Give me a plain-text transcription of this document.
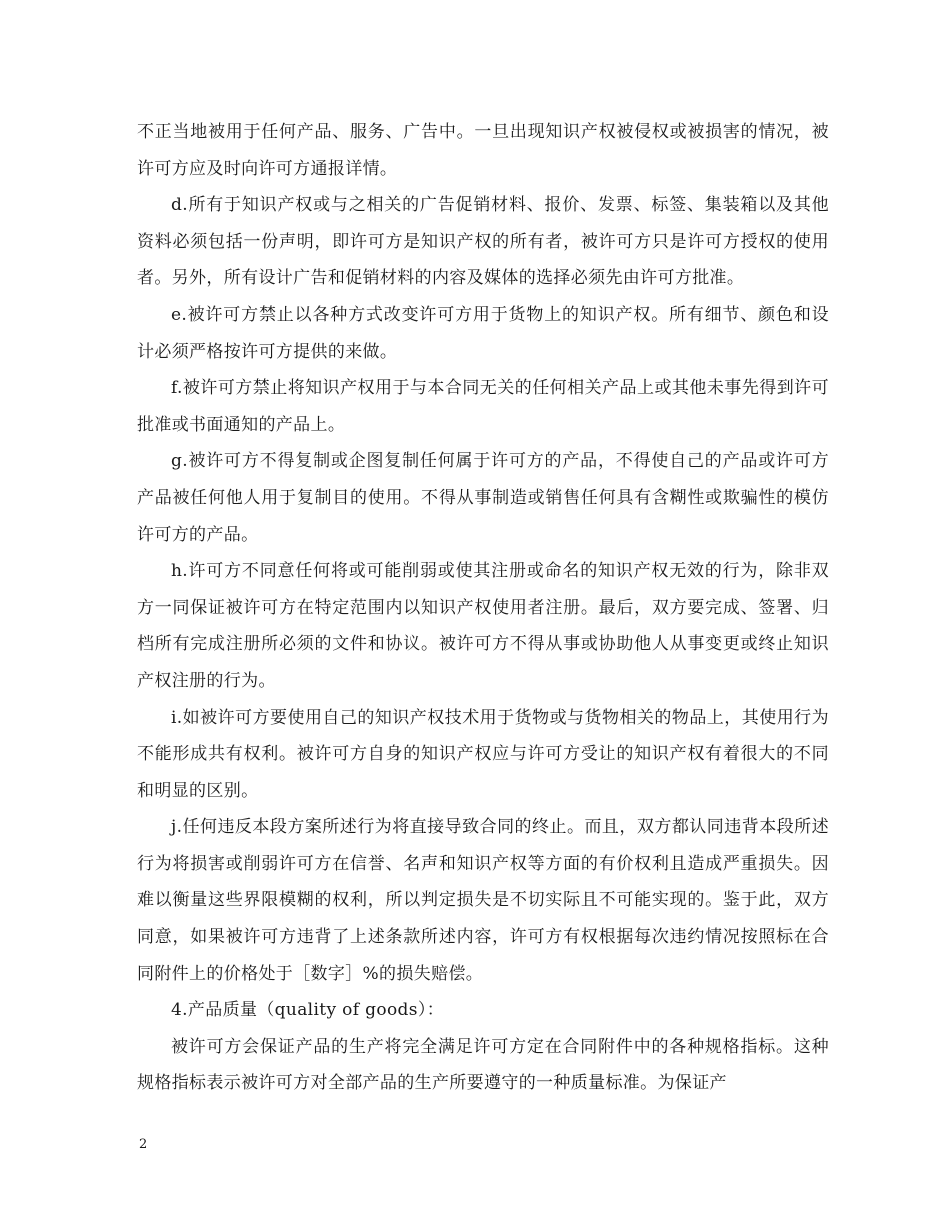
不正当地被用于任何产品、服务、广告中。一旦出现知识产权被侵权或被损害的情况，被许可方应及时向许可方通报详情。

d.所有于知识产权或与之相关的广告促销材料、报价、发票、标签、集装箱以及其他资料必须包括一份声明，即许可方是知识产权的所有者，被许可方只是许可方授权的使用者。另外，所有设计广告和促销材料的内容及媒体的选择必须先由许可方批准。

e.被许可方禁止以各种方式改变许可方用于货物上的知识产权。所有细节、颜色和设计必须严格按许可方提供的来做。

f.被许可方禁止将知识产权用于与本合同无关的任何相关产品上或其他未事先得到许可批准或书面通知的产品上。

g.被许可方不得复制或企图复制任何属于许可方的产品，不得使自己的产品或许可方产品被任何他人用于复制目的使用。不得从事制造或销售任何具有含糊性或欺骗性的模仿许可方的产品。

h.许可方不同意任何将或可能削弱或使其注册或命名的知识产权无效的行为，除非双方一同保证被许可方在特定范围内以知识产权使用者注册。最后，双方要完成、签署、归档所有完成注册所必须的文件和协议。被许可方不得从事或协助他人从事变更或终止知识产权注册的行为。

i.如被许可方要使用自己的知识产权技术用于货物或与货物相关的物品上，其使用行为不能形成共有权利。被许可方自身的知识产权应与许可方受让的知识产权有着很大的不同和明显的区别。

j.任何违反本段方案所述行为将直接导致合同的终止。而且，双方都认同违背本段所述行为将损害或削弱许可方在信誉、名声和知识产权等方面的有价权利且造成严重损失。因难以衡量这些界限模糊的权利，所以判定损失是不切实际且不可能实现的。鉴于此，双方同意，如果被许可方违背了上述条款所述内容，许可方有权根据每次违约情况按照标在合同附件上的价格处于［数字］%的损失赔偿。

4.产品质量（quality of goods）：

被许可方会保证产品的生产将完全满足许可方定在合同附件中的各种规格指标。这种规格指标表示被许可方对全部产品的生产所要遵守的一种质量标准。为保证产

2
